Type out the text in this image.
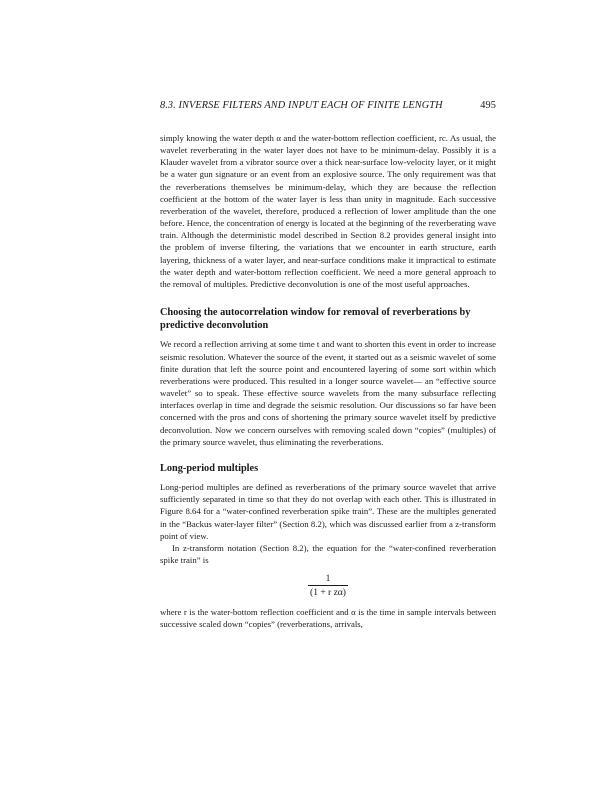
8.3. INVERSE FILTERS AND INPUT EACH OF FINITE LENGTH	495

simply knowing the water depth α and the water-bottom reflection coefficient, rc. As usual, the wavelet reverberating in the water layer does not have to be minimum-delay. Possibly it is a Klauder wavelet from a vibrator source over a thick near-surface low-velocity layer, or it might be a water gun signature or an event from an explosive source. The only requirement was that the reverberations themselves be minimum-delay, which they are because the reflection coefficient at the bottom of the water layer is less than unity in magnitude. Each successive reverberation of the wavelet, therefore, produced a reflection of lower amplitude than the one before. Hence, the concentration of energy is located at the beginning of the reverberating wave train. Although the deterministic model described in Section 8.2 provides general insight into the problem of inverse filtering, the variations that we encounter in earth structure, earth layering, thickness of a water layer, and near-surface conditions make it impractical to estimate the water depth and water-bottom reflection coefficient. We need a more general approach to the removal of multiples. Predictive deconvolution is one of the most useful approaches.

Choosing the autocorrelation window for removal of reverberations by predictive deconvolution

We record a reflection arriving at some time t and want to shorten this event in order to increase seismic resolution. Whatever the source of the event, it started out as a seismic wavelet of some finite duration that left the source point and encountered layering of some sort within which reverberations were produced. This resulted in a longer source wavelet— an “effective source wavelet” so to speak. These effective source wavelets from the many subsurface reflecting interfaces overlap in time and degrade the seismic resolution. Our discussions so far have been concerned with the pros and cons of shortening the primary source wavelet itself by predictive deconvolution. Now we concern ourselves with removing scaled down “copies” (multiples) of the primary source wavelet, thus eliminating the reverberations.

Long-period multiples

Long-period multiples are defined as reverberations of the primary source wavelet that arrive sufficiently separated in time so that they do not overlap with each other. This is illustrated in Figure 8.64 for a “water-confined reverberation spike train”. These are the multiples generated in the “Backus water-layer filter” (Section 8.2), which was discussed earlier from a z-transform point of view.

In z-transform notation (Section 8.2), the equation for the “water-confined reverberation spike train” is

$\frac{1}{\text{(1 + r zα)}}$

where r is the water-bottom reflection coefficient and α is the time in sample intervals between successive scaled down “copies” (reverberations, arrivals,
